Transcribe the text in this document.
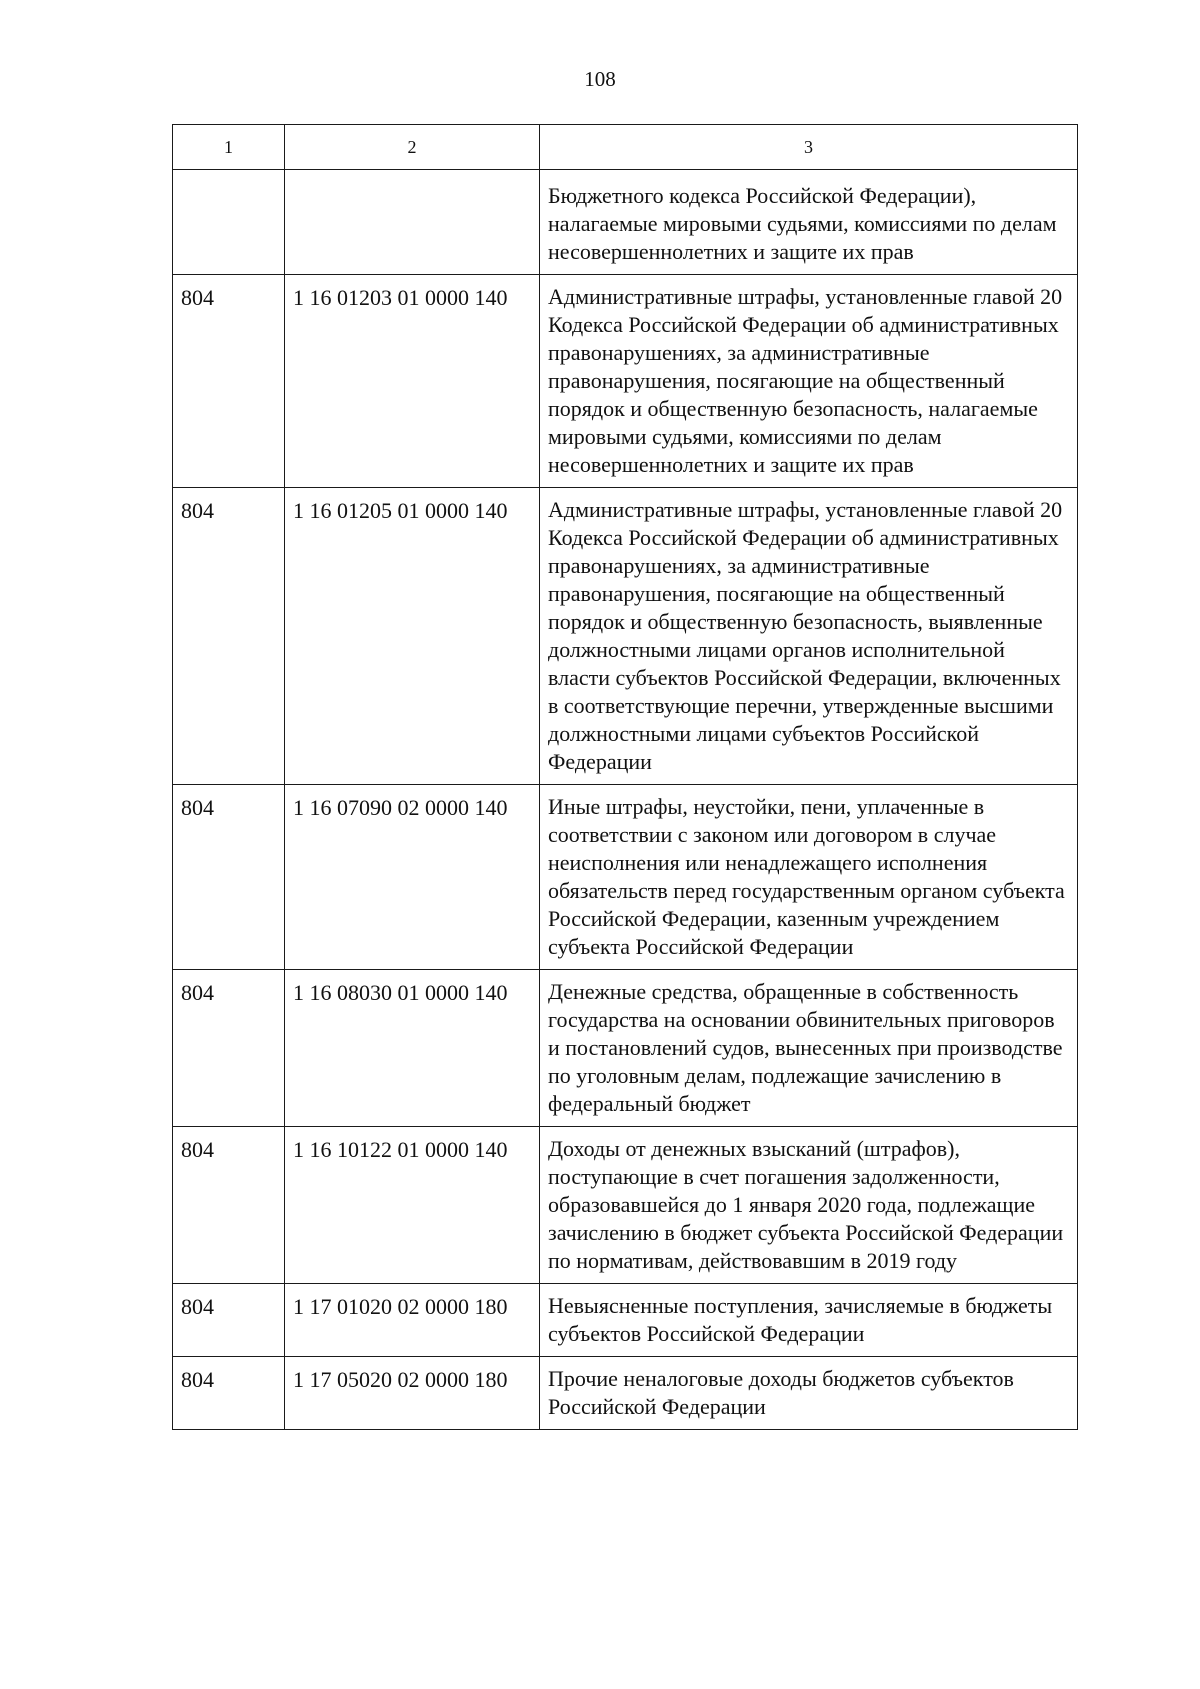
108
1	2	3
		Бюджетного кодекса Российской Федерации), налагаемые мировыми судьями, комиссиями по делам несовершеннолетних и защите их прав
804	1 16 01203 01 0000 140	Административные штрафы, установленные главой 20 Кодекса Российской Федерации об административных правонарушениях, за административные правонарушения, посягающие на общественный порядок и общественную безопасность, налагаемые мировыми судьями, комиссиями по делам несовершеннолетних и защите их прав
804	1 16 01205 01 0000 140	Административные штрафы, установленные главой 20 Кодекса Российской Федерации об административных правонарушениях, за административные правонарушения, посягающие на общественный порядок и общественную безопасность, выявленные должностными лицами органов исполнительной власти субъектов Российской Федерации, включенных в соответствующие перечни, утвержденные высшими должностными лицами субъектов Российской Федерации
804	1 16 07090 02 0000 140	Иные штрафы, неустойки, пени, уплаченные в соответствии с законом или договором в случае неисполнения или ненадлежащего исполнения обязательств перед государственным органом субъекта Российской Федерации, казенным учреждением субъекта Российской Федерации
804	1 16 08030 01 0000 140	Денежные средства, обращенные в собственность государства на основании обвинительных приговоров и постановлений судов, вынесенных при производстве по уголовным делам, подлежащие зачислению в федеральный бюджет
804	1 16 10122 01 0000 140	Доходы от денежных взысканий (штрафов), поступающие в счет погашения задолженности, образовавшейся до 1 января 2020 года, подлежащие зачислению в бюджет субъекта Российской Федерации по нормативам, действовавшим в 2019 году
804	1 17 01020 02 0000 180	Невыясненные поступления, зачисляемые в бюджеты субъектов Российской Федерации
804	1 17 05020 02 0000 180	Прочие неналоговые доходы бюджетов субъектов Российской Федерации
